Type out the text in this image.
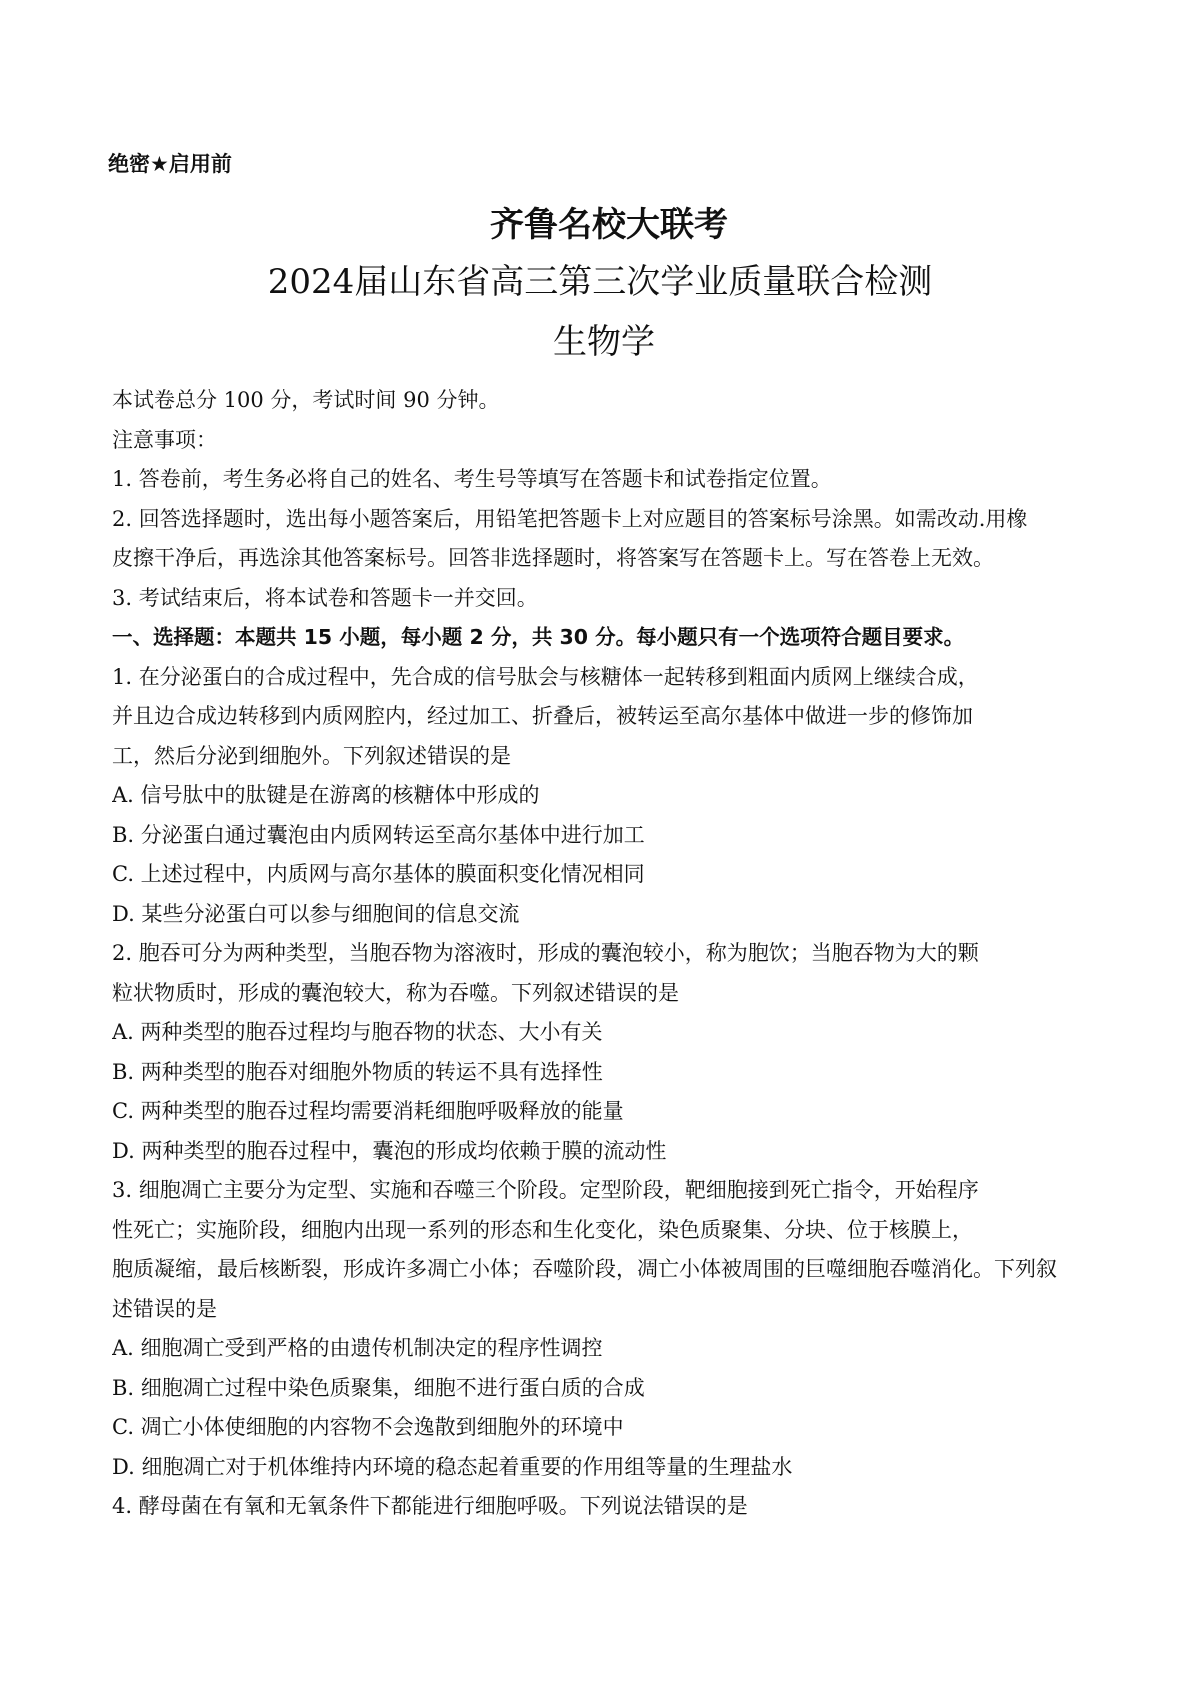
绝密★启用前
齐鲁名校大联考
2024届山东省高三第三次学业质量联合检测
生物学
本试卷总分 100 分，考试时间 90 分钟。
注意事项：
1. 答卷前，考生务必将自己的姓名、考生号等填写在答题卡和试卷指定位置。
2. 回答选择题时，选出每小题答案后，用铅笔把答题卡上对应题目的答案标号涂黑。如需改动.用橡
皮擦干净后，再选涂其他答案标号。回答非选择题时，将答案写在答题卡上。写在答卷上无效。
3. 考试结束后，将本试卷和答题卡一并交回。
一、选择题：本题共 15 小题，每小题 2 分，共 30 分。每小题只有一个选项符合题目要求。
1. 在分泌蛋白的合成过程中，先合成的信号肽会与核糖体一起转移到粗面内质网上继续合成，
并且边合成边转移到内质网腔内，经过加工、折叠后，被转运至高尔基体中做进一步的修饰加
工，然后分泌到细胞外。下列叙述错误的是
A. 信号肽中的肽键是在游离的核糖体中形成的
B. 分泌蛋白通过囊泡由内质网转运至高尔基体中进行加工
C. 上述过程中，内质网与高尔基体的膜面积变化情况相同
D. 某些分泌蛋白可以参与细胞间的信息交流
2. 胞吞可分为两种类型，当胞吞物为溶液时，形成的囊泡较小，称为胞饮；当胞吞物为大的颗
粒状物质时，形成的囊泡较大，称为吞噬。下列叙述错误的是
A. 两种类型的胞吞过程均与胞吞物的状态、大小有关
B. 两种类型的胞吞对细胞外物质的转运不具有选择性
C. 两种类型的胞吞过程均需要消耗细胞呼吸释放的能量
D. 两种类型的胞吞过程中，囊泡的形成均依赖于膜的流动性
3. 细胞凋亡主要分为定型、实施和吞噬三个阶段。定型阶段，靶细胞接到死亡指令，开始程序
性死亡；实施阶段，细胞内出现一系列的形态和生化变化，染色质聚集、分块、位于核膜上，
胞质凝缩，最后核断裂，形成许多凋亡小体；吞噬阶段，凋亡小体被周围的巨噬细胞吞噬消化。下列叙
述错误的是
A. 细胞凋亡受到严格的由遗传机制决定的程序性调控
B. 细胞凋亡过程中染色质聚集，细胞不进行蛋白质的合成
C. 凋亡小体使细胞的内容物不会逸散到细胞外的环境中
D. 细胞凋亡对于机体维持内环境的稳态起着重要的作用组等量的生理盐水
4. 酵母菌在有氧和无氧条件下都能进行细胞呼吸。下列说法错误的是
